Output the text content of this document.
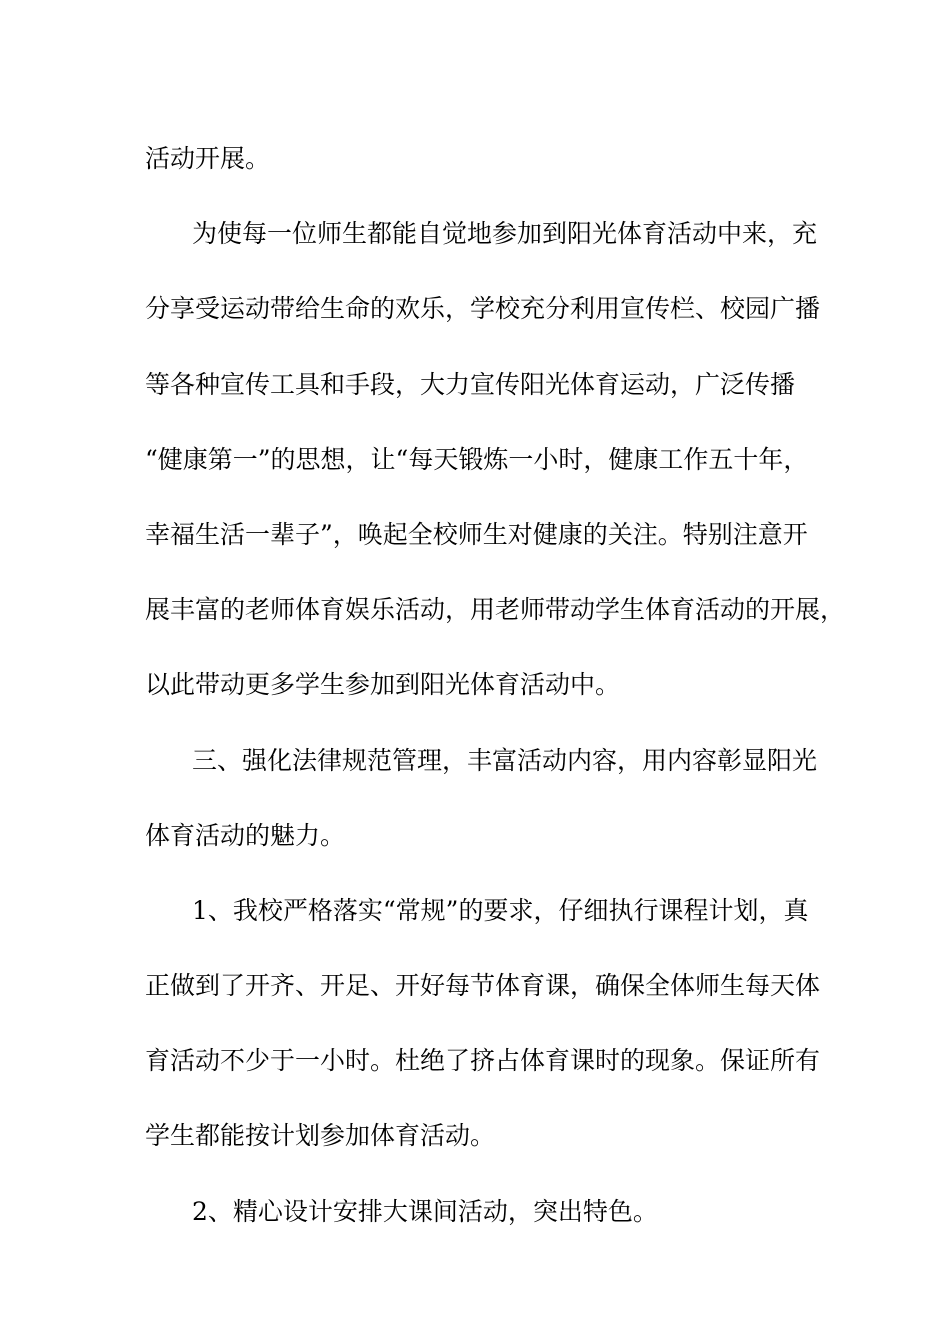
活动开展。
为使每一位师生都能自觉地参加到阳光体育活动中来，充
分享受运动带给生命的欢乐，学校充分利用宣传栏、校园广播
等各种宣传工具和手段，大力宣传阳光体育运动，广泛传播
“健康第一”的思想，让“每天锻炼一小时，健康工作五十年，
幸福生活一辈子”，唤起全校师生对健康的关注。特别注意开
展丰富的老师体育娱乐活动，用老师带动学生体育活动的开展，
以此带动更多学生参加到阳光体育活动中。
三、强化法律规范管理，丰富活动内容，用内容彰显阳光
体育活动的魅力。
1、我校严格落实“常规”的要求，仔细执行课程计划，真
正做到了开齐、开足、开好每节体育课，确保全体师生每天体
育活动不少于一小时。杜绝了挤占体育课时的现象。保证所有
学生都能按计划参加体育活动。
2、精心设计安排大课间活动，突出特色。
